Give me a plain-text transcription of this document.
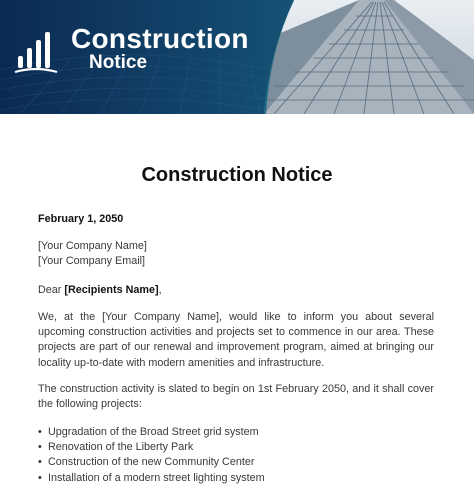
Construction
Notice
Construction Notice
February 1, 2050
[Your Company Name]
[Your Company Email]
Dear [Recipients Name],
We, at the [Your Company Name], would like to inform you about several upcoming construction activities and projects set to commence in our area. These projects are part of our renewal and improvement program, aimed at bringing our locality up-to-date with modern amenities and infrastructure.
The construction activity is slated to begin on 1st February 2050, and it shall cover the following projects:
• Upgradation of the Broad Street grid system
• Renovation of the Liberty Park
• Construction of the new Community Center
• Installation of a modern street lighting system
